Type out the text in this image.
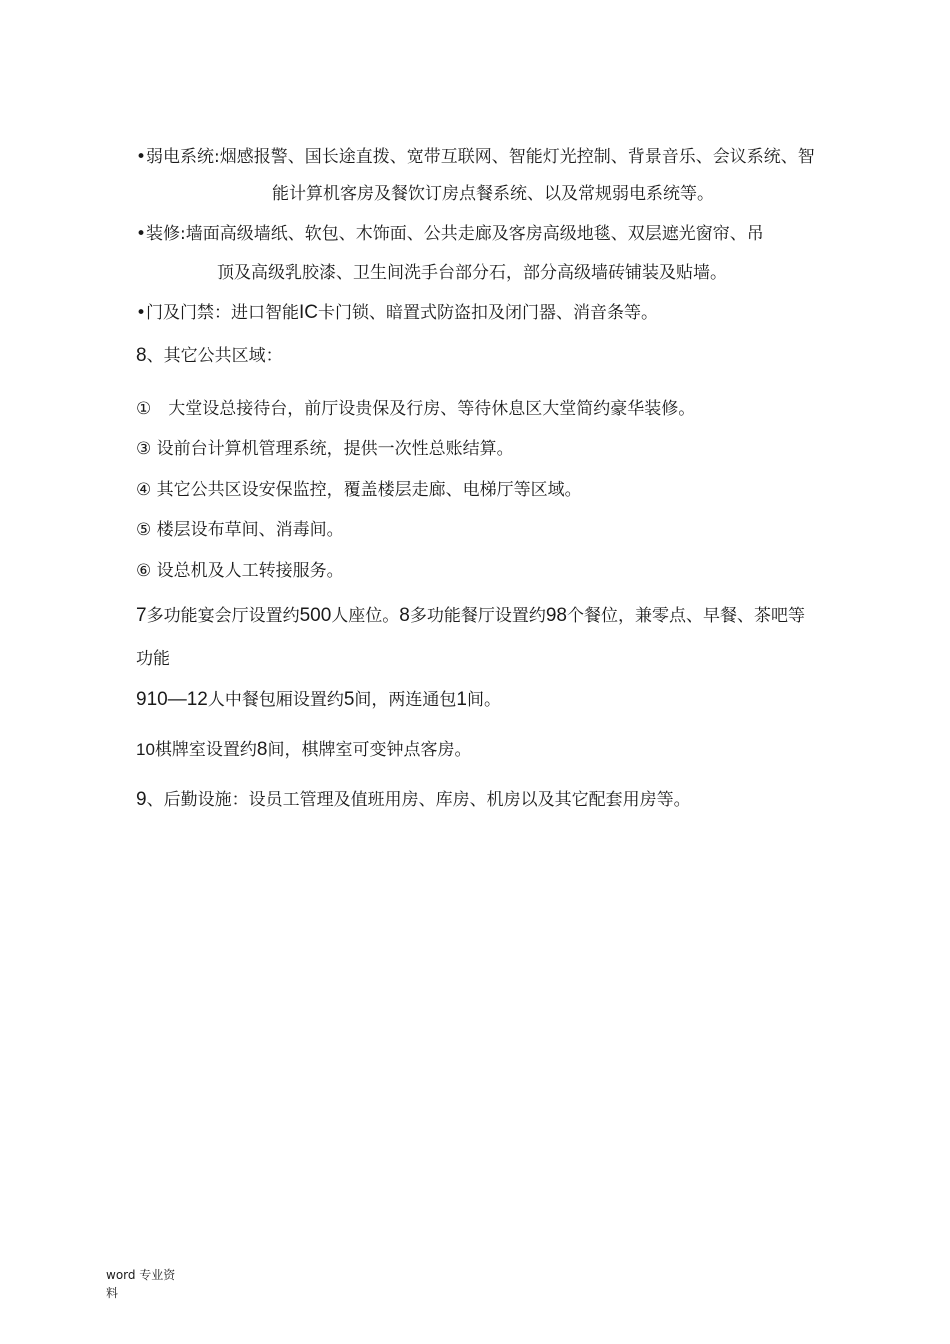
•弱电系统:烟感报警、国长途直拨、宽带互联网、智能灯光控制、背景音乐、会议系统、智
能计算机客房及餐饮订房点餐系统、以及常规弱电系统等。
•装修:墙面高级墙纸、软包、木饰面、公共走廊及客房高级地毯、双层遮光窗帘、吊
顶及高级乳胶漆、卫生间洗手台部分石，部分高级墙砖铺装及贴墙。
•门及门禁：进口智能IC卡门锁、暗置式防盗扣及闭门器、消音条等。
8、其它公共区域：
①　大堂设总接待台，前厅设贵保及行房、等待休息区大堂简约豪华装修。
③ 设前台计算机管理系统，提供一次性总账结算。
④ 其它公共区设安保监控，覆盖楼层走廊、电梯厅等区域。
⑤ 楼层设布草间、消毒间。
⑥ 设总机及人工转接服务。
7多功能宴会厅设置约500人座位。8多功能餐厅设置约98个餐位，兼零点、早餐、茶吧等
功能
910—12人中餐包厢设置约5间，两连通包1间。
10棋牌室设置约8间，棋牌室可变钟点客房。
9、后勤设施：设员工管理及值班用房、库房、机房以及其它配套用房等。
word 专业资
料
